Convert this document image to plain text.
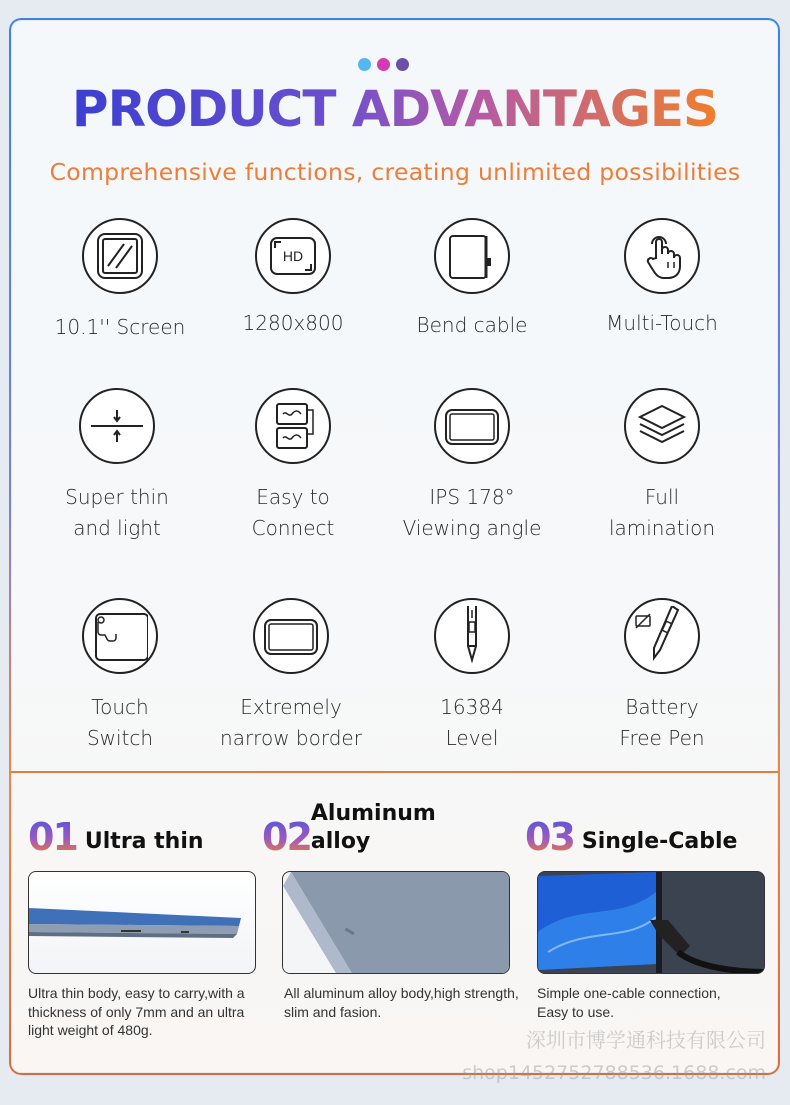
PRODUCT ADVANTAGES
Comprehensive functions, creating unlimited possibilities
10.1'' Screen
HD
1280x800	Bend cable	Multi-Touch
Super thin
and light
Easy to
Connect
IPS 178°
Viewing angle
Full
lamination
Touch
Switch
Extremely
narrow border
16384
Level
Battery
Free Pen
01 Ultra thin
Ultra thin body, easy to carry,with a thickness of only 7mm and an ultra light weight of 480g.
02
Aluminum alloy
All aluminum alloy body,high strength, slim and fasion.
03 Single-Cable
Simple one-cable connection, Easy to use.
深圳市博学通科技有限公司
shop1452752788536.1688.com
